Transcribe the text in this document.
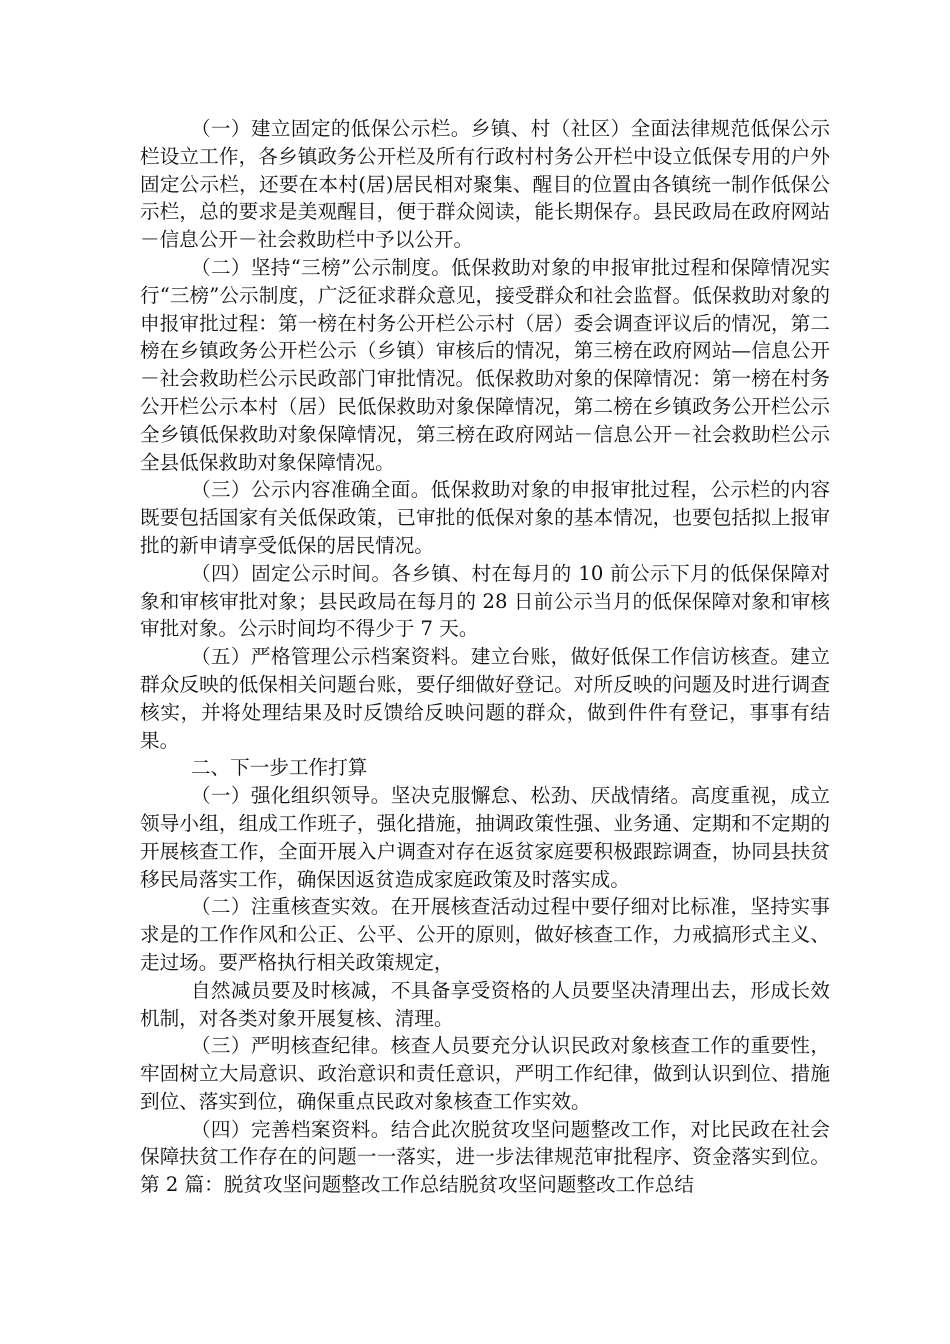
（一）建立固定的低保公示栏。乡镇、村（社区）全面法律规范低保公示栏设立工作，各乡镇政务公开栏及所有行政村村务公开栏中设立低保专用的户外固定公示栏，还要在本村(居)居民相对聚集、醒目的位置由各镇统一制作低保公示栏，总的要求是美观醒目，便于群众阅读，能长期保存。县民政局在政府网站－信息公开－社会救助栏中予以公开。

（二）坚持“三榜”公示制度。低保救助对象的申报审批过程和保障情况实行“三榜”公示制度，广泛征求群众意见，接受群众和社会监督。低保救助对象的申报审批过程：第一榜在村务公开栏公示村（居）委会调查评议后的情况，第二榜在乡镇政务公开栏公示（乡镇）审核后的情况，第三榜在政府网站—信息公开－社会救助栏公示民政部门审批情况。低保救助对象的保障情况：第一榜在村务公开栏公示本村（居）民低保救助对象保障情况，第二榜在乡镇政务公开栏公示全乡镇低保救助对象保障情况，第三榜在政府网站－信息公开－社会救助栏公示全县低保救助对象保障情况。

（三）公示内容准确全面。低保救助对象的申报审批过程，公示栏的内容既要包括国家有关低保政策，已审批的低保对象的基本情况，也要包括拟上报审批的新申请享受低保的居民情况。

（四）固定公示时间。各乡镇、村在每月的 10 前公示下月的低保保障对象和审核审批对象；县民政局在每月的 28 日前公示当月的低保保障对象和审核审批对象。公示时间均不得少于 7 天。

（五）严格管理公示档案资料。建立台账，做好低保工作信访核查。建立群众反映的低保相关问题台账，要仔细做好登记。对所反映的问题及时进行调查核实，并将处理结果及时反馈给反映问题的群众，做到件件有登记，事事有结果。

二、下一步工作打算

（一）强化组织领导。坚决克服懈怠、松劲、厌战情绪。高度重视，成立领导小组，组成工作班子，强化措施，抽调政策性强、业务通、定期和不定期的开展核查工作，全面开展入户调查对存在返贫家庭要积极跟踪调查，协同县扶贫移民局落实工作，确保因返贫造成家庭政策及时落实成。

（二）注重核查实效。在开展核查活动过程中要仔细对比标准，坚持实事求是的工作作风和公正、公平、公开的原则，做好核查工作，力戒搞形式主义、走过场。要严格执行相关政策规定，

自然减员要及时核减，不具备享受资格的人员要坚决清理出去，形成长效机制，对各类对象开展复核、清理。

（三）严明核查纪律。核查人员要充分认识民政对象核查工作的重要性，牢固树立大局意识、政治意识和责任意识，严明工作纪律，做到认识到位、措施到位、落实到位，确保重点民政对象核查工作实效。

（四）完善档案资料。结合此次脱贫攻坚问题整改工作，对比民政在社会保障扶贫工作存在的问题一一落实，进一步法律规范审批程序、资金落实到位。第 2 篇：脱贫攻坚问题整改工作总结脱贫攻坚问题整改工作总结
